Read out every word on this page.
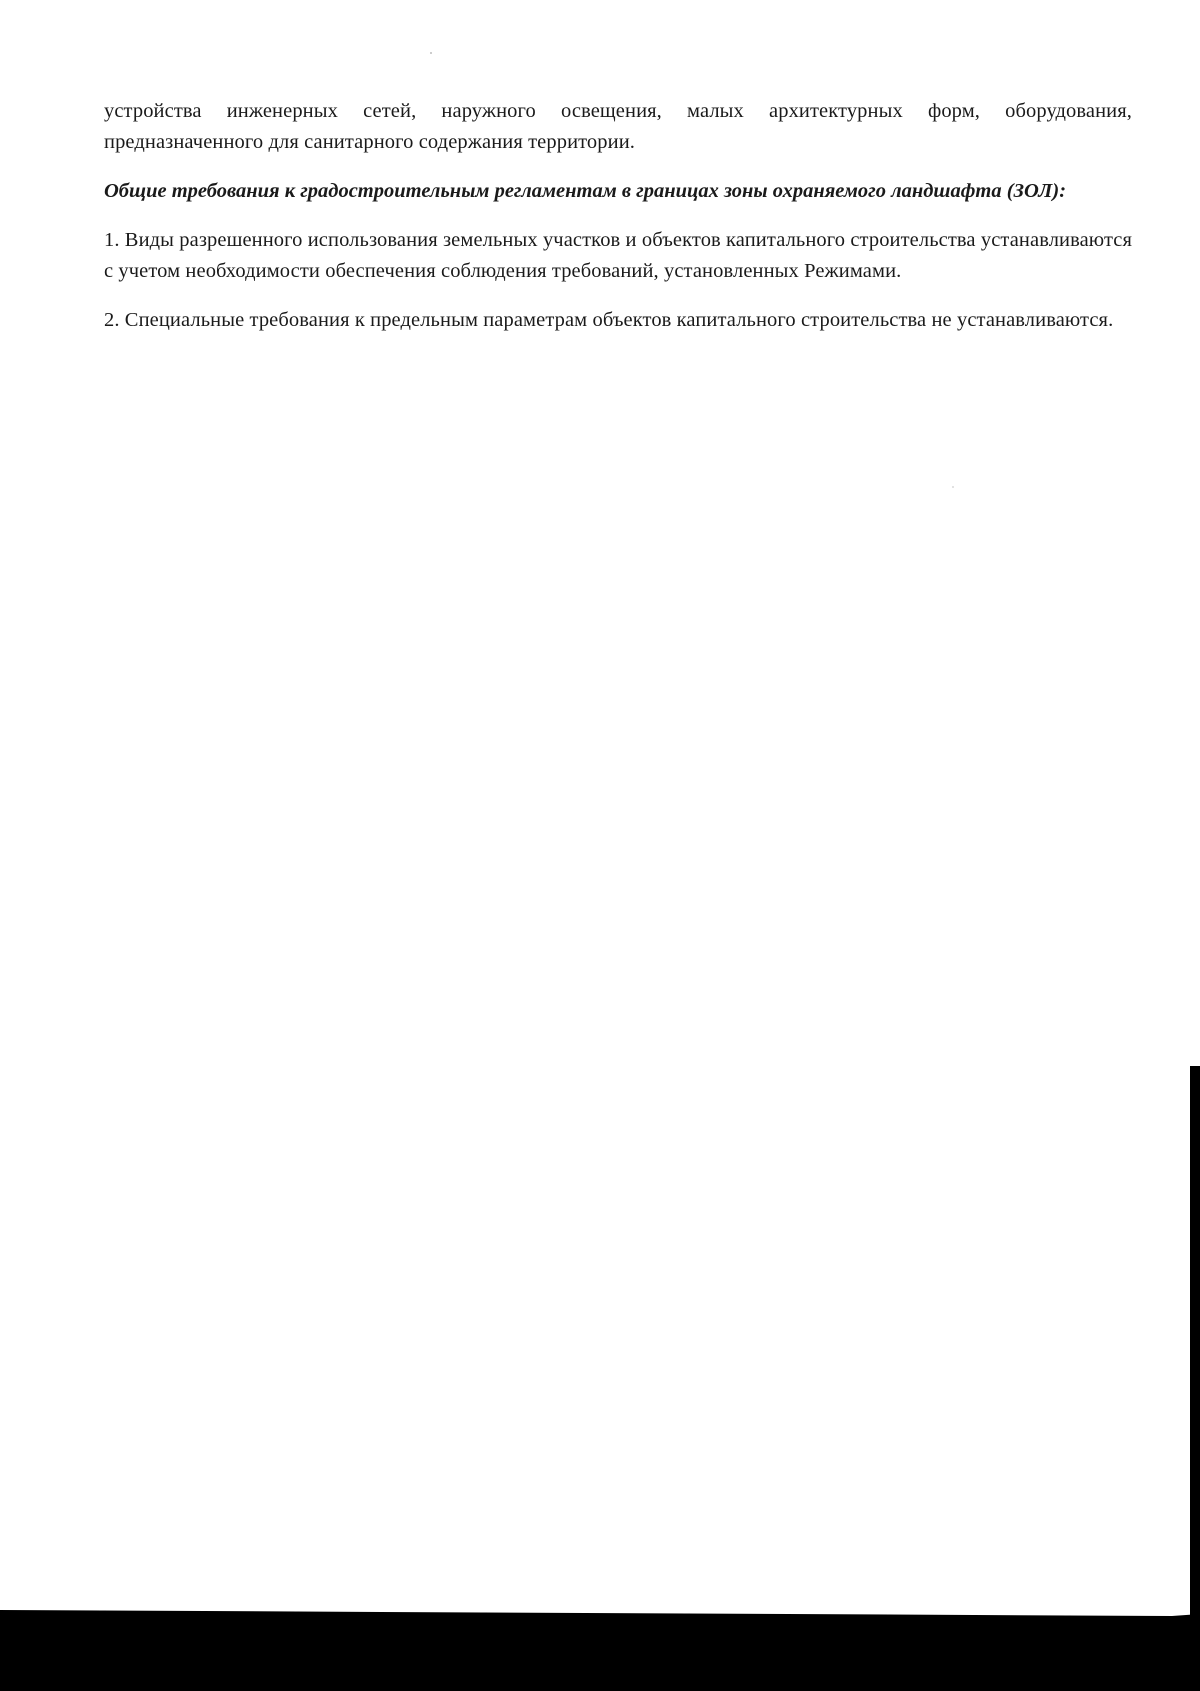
устройства инженерных сетей, наружного освещения, малых архитектурных форм, оборудования, предназначенного для санитарного содержания территории.

Общие требования к градостроительным регламентам в границах зоны охраняемого ландшафта (ЗОЛ):

1. Виды разрешенного использования земельных участков и объектов капитального строительства устанавливаются с учетом необходимости обеспечения соблюдения требований, установленных Режимами.

2. Специальные требования к предельным параметрам объектов капитального строительства не устанавливаются.
